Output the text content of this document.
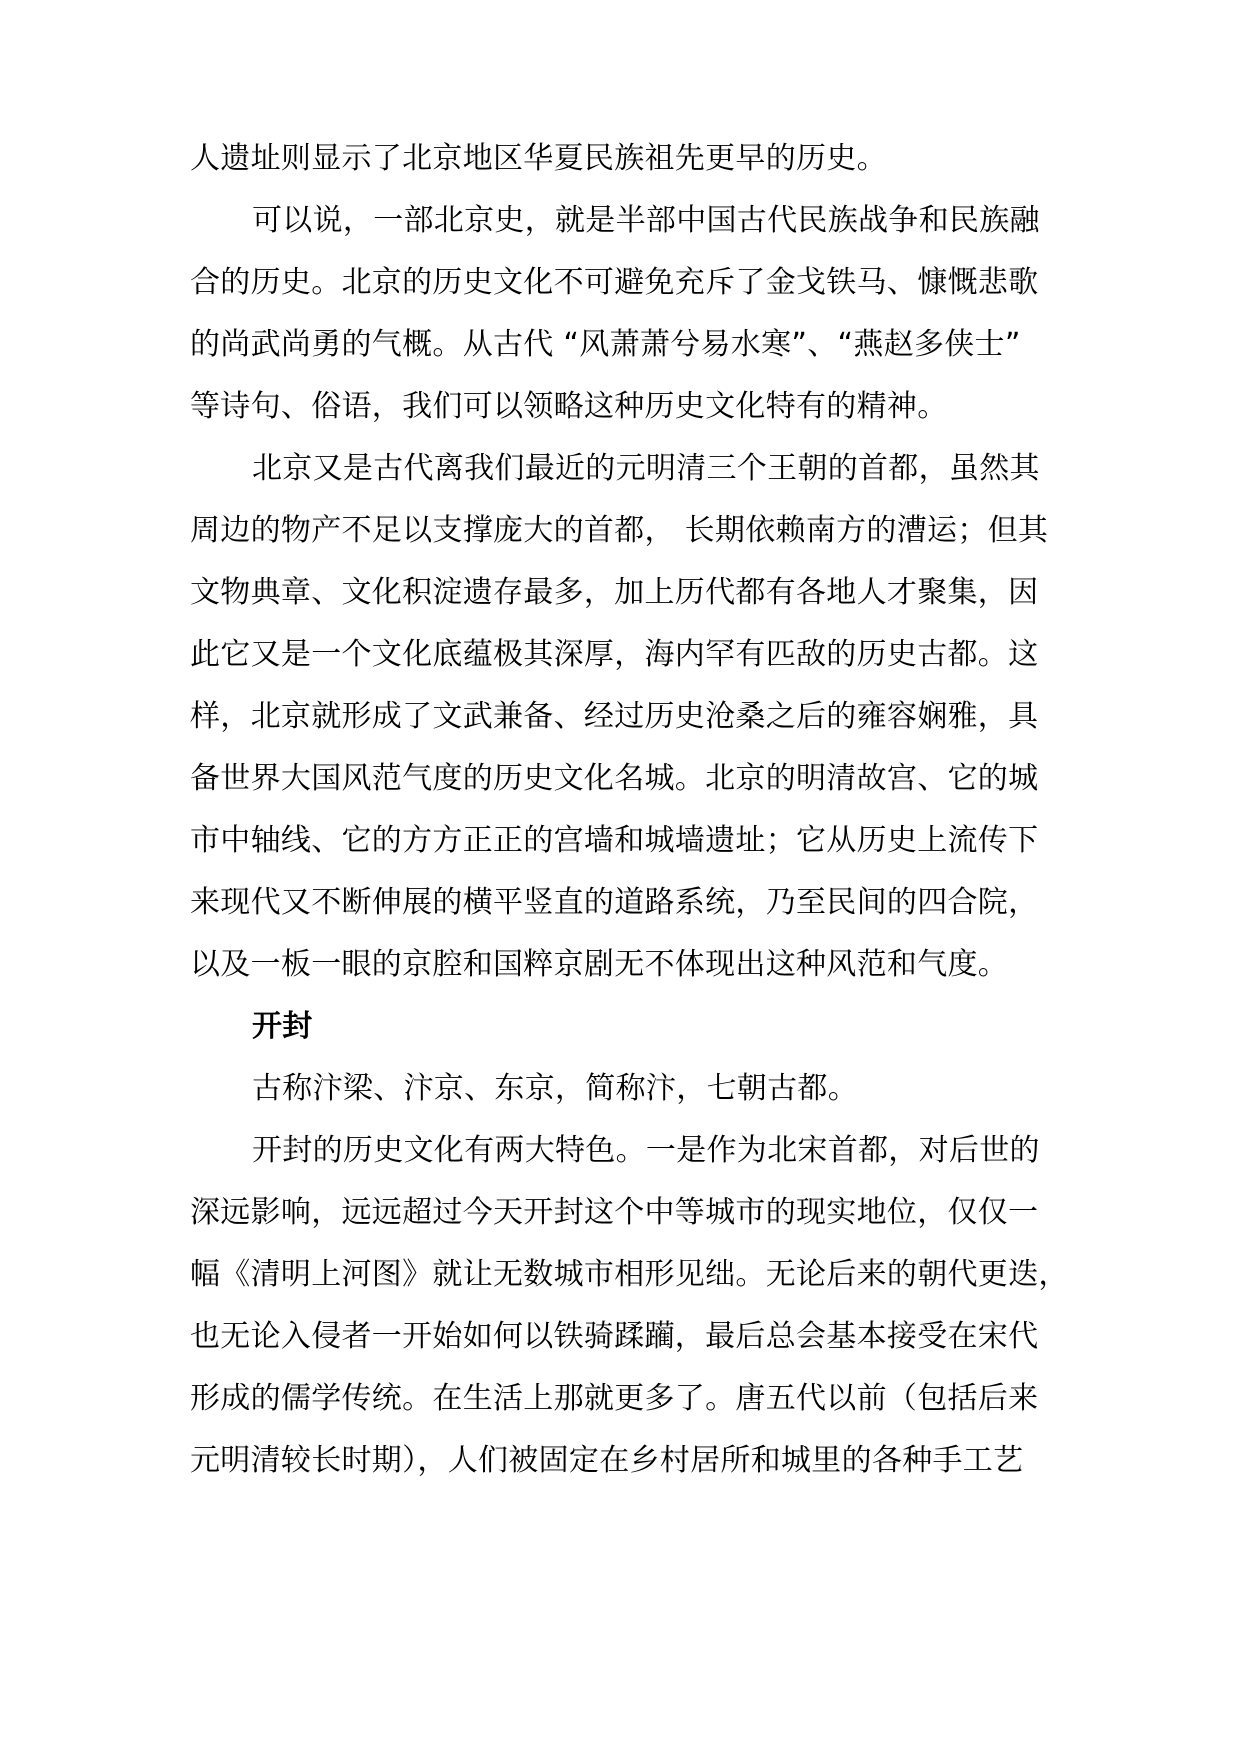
人遗址则显示了北京地区华夏民族祖先更早的历史。
可以说，一部北京史，就是半部中国古代民族战争和民族融
合的历史。北京的历史文化不可避免充斥了金戈铁马、慷慨悲歌
的尚武尚勇的气概。从古代 “风萧萧兮易水寒”、“燕赵多侠士”
等诗句、俗语，我们可以领略这种历史文化特有的精神。
北京又是古代离我们最近的元明清三个王朝的首都，虽然其
周边的物产不足以支撑庞大的首都， 长期依赖南方的漕运；但其
文物典章、文化积淀遗存最多，加上历代都有各地人才聚集，因
此它又是一个文化底蕴极其深厚，海内罕有匹敌的历史古都。这
样，北京就形成了文武兼备、经过历史沧桑之后的雍容娴雅，具
备世界大国风范气度的历史文化名城。北京的明清故宫、它的城
市中轴线、它的方方正正的宫墙和城墙遗址；它从历史上流传下
来现代又不断伸展的横平竖直的道路系统，乃至民间的四合院，
以及一板一眼的京腔和国粹京剧无不体现出这种风范和气度。
开封
古称汴梁、汴京、东京，简称汴，七朝古都。
开封的历史文化有两大特色。一是作为北宋首都，对后世的
深远影响，远远超过今天开封这个中等城市的现实地位，仅仅一
幅《清明上河图》就让无数城市相形见绌。无论后来的朝代更迭，
也无论入侵者一开始如何以铁骑蹂躏，最后总会基本接受在宋代
形成的儒学传统。在生活上那就更多了。唐五代以前（包括后来
元明清较长时期），人们被固定在乡村居所和城里的各种手工艺
